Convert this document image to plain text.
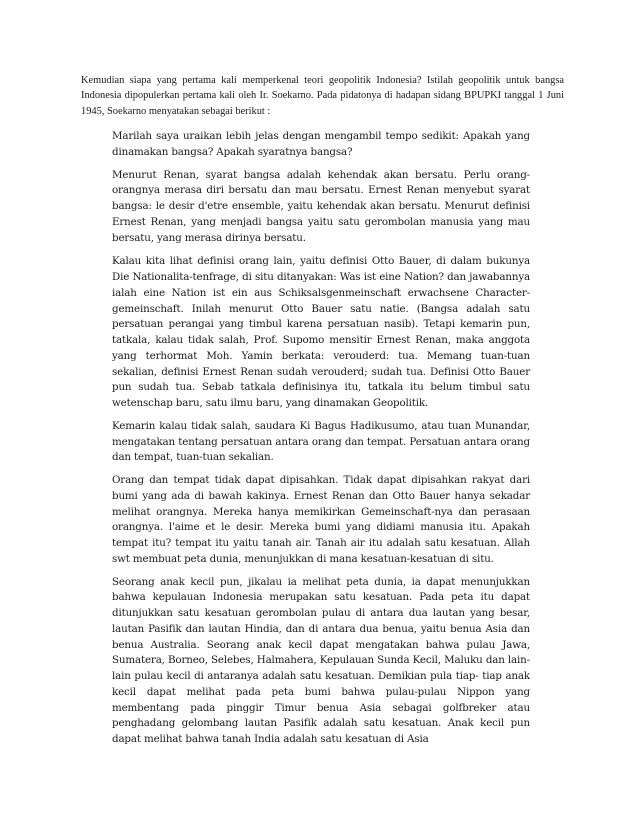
Kemudian siapa yang pertama kali memperkenal teori geopolitik Indonesia? Istilah geopolitik untuk bangsa Indonesia dipopulerkan pertama kali oleh Ir. Soekarno. Pada pidatonya di hadapan sidang BPUPKI tanggal 1 Juni 1945, Soekarno menyatakan sebagai berikut :

Marilah saya uraikan lebih jelas dengan mengambil tempo sedikit: Apakah yang dinamakan bangsa? Apakah syaratnya bangsa?

Menurut Renan, syarat bangsa adalah kehendak akan bersatu. Perlu orang-orangnya merasa diri bersatu dan mau bersatu. Ernest Renan menyebut syarat bangsa: le desir d'etre ensemble, yaitu kehendak akan bersatu. Menurut definisi Ernest Renan, yang menjadi bangsa yaitu satu gerombolan manusia yang mau bersatu, yang merasa dirinya bersatu.

Kalau kita lihat definisi orang lain, yaitu definisi Otto Bauer, di dalam bukunya Die Nationalita-tenfrage, di situ ditanyakan: Was ist eine Nation? dan jawabannya ialah eine Nation ist ein aus Schiksalsgenmeinschaft erwachsene Character-gemeinschaft. Inilah menurut Otto Bauer satu natie. (Bangsa adalah satu persatuan perangai yang timbul karena persatuan nasib). Tetapi kemarin pun, tatkala, kalau tidak salah, Prof. Supomo mensitir Ernest Renan, maka anggota yang terhormat Moh. Yamin berkata: verouderd: tua. Memang tuan-tuan sekalian, definisi Ernest Renan sudah verouderd; sudah tua. Definisi Otto Bauer pun sudah tua. Sebab tatkala definisinya itu, tatkala itu belum timbul satu wetenschap baru, satu ilmu baru, yang dinamakan Geopolitik.

Kemarin kalau tidak salah, saudara Ki Bagus Hadikusumo, atau tuan Munandar, mengatakan tentang persatuan antara orang dan tempat. Persatuan antara orang dan tempat, tuan-tuan sekalian.

Orang dan tempat tidak dapat dipisahkan. Tidak dapat dipisahkan rakyat dari bumi yang ada di bawah kakinya. Ernest Renan dan Otto Bauer hanya sekadar melihat orangnya. Mereka hanya memikirkan Gemeinschaft-nya dan perasaan orangnya. l'aime et le desir. Mereka bumi yang didiami manusia itu. Apakah tempat itu? tempat itu yaitu tanah air. Tanah air itu adalah satu kesatuan. Allah swt membuat peta dunia, menunjukkan di mana kesatuan-kesatuan di situ.

Seorang anak kecil pun, jikalau ia melihat peta dunia, ia dapat menunjukkan bahwa kepulauan Indonesia merupakan satu kesatuan. Pada peta itu dapat ditunjukkan satu kesatuan gerombolan pulau di antara dua lautan yang besar, lautan Pasifik dan lautan Hindia, dan di antara dua benua, yaitu benua Asia dan benua Australia. Seorang anak kecil dapat mengatakan bahwa pulau Jawa, Sumatera, Borneo, Selebes, Halmahera, Kepulauan Sunda Kecil, Maluku dan lain-lain pulau kecil di antaranya adalah satu kesatuan. Demikian pula tiap- tiap anak kecil dapat melihat pada peta bumi bahwa pulau-pulau Nippon yang membentang pada pinggir Timur benua Asia sebagai golfbreker atau penghadang gelombang lautan Pasifik adalah satu kesatuan. Anak kecil pun dapat melihat bahwa tanah India adalah satu kesatuan di Asia
